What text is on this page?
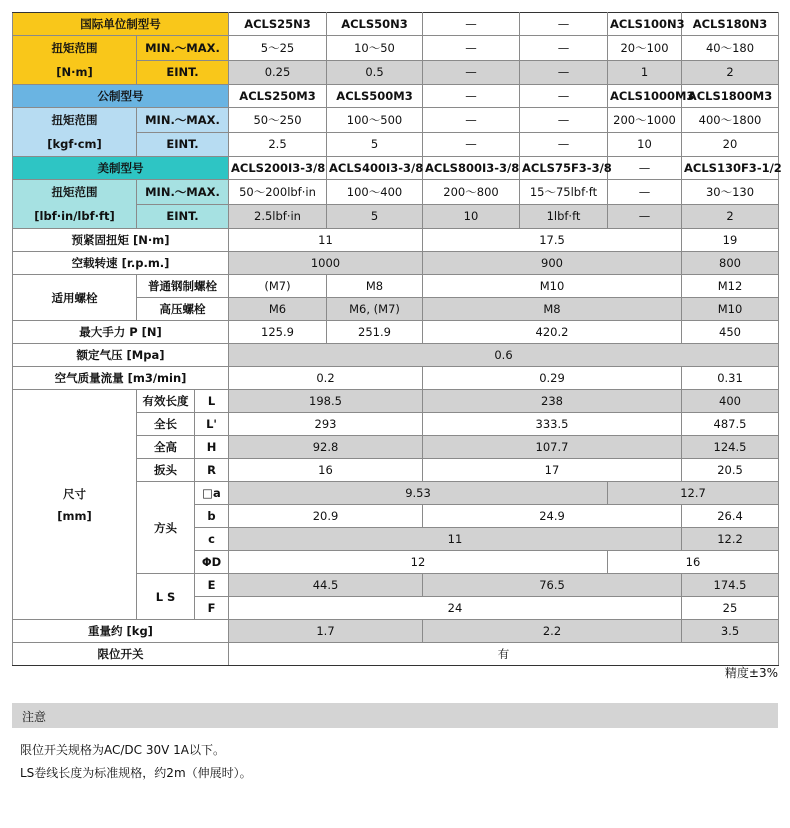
国际单位制型号			ACLS25N3	ACLS50N3	—	—	ACLS100N3	ACLS180N3

扭矩范围
[N·m]	MIN.～MAX.		5～25	10～50	—	—	20～100	40～180
	EINT.		0.25	0.5	—	—	1	2
公制型号			ACLS250M3	ACLS500M3	—	—	ACLS1000M3	ACLS1800M3

扭矩范围
[kgf·cm]	MIN.～MAX.		50～250	100～500	—	—	200～1000	400～1800
	EINT.		2.5	5	—	—	10	20
美制型号			ACLS200I3-3/8	ACLS400I3-3/8	ACLS800I3-3/8	ACLS75F3-3/8	—	ACLS130F3-1/2

扭矩范围
[lbf·in/lbf·ft]	MIN.～MAX.		50～200lbf·in	100～400	200～800	15～75lbf·ft	—	30～130
	EINT.		2.5lbf·in	5	10	1lbf·ft	—	2
预紧固扭矩 [N·m]			11		17.5			19
空载转速 [r.p.m.]			1000		900			800
适用螺栓	普通钢制螺栓		(M7)	M8	M10			M12
	高压螺栓		M6	M6, (M7)	M8			M10
最大手力 P [N]			125.9	251.9	420.2			450
额定气压 [Mpa]			0.6					
空气质量流量 [m3/min]			0.2		0.29			0.31

尺寸
[mm]	有效长度	L	198.5		238			400
	全长	L'	293		333.5			487.5
	全高	H	92.8		107.7			124.5
	扳头	R	16		17			20.5
	方头	□a	9.53				12.7	
		b	20.9		24.9			26.4
		c	11					12.2
		ΦD	12				16	
	L S	E	44.5		76.5			174.5
		F	24					25
重量约 [kg]			1.7		2.2			3.5
限位开关			有					
精度±3%
注意
限位开关规格为AC/DC 30V 1A以下。
LS卷线长度为标准规格，约2m（伸展时）。
